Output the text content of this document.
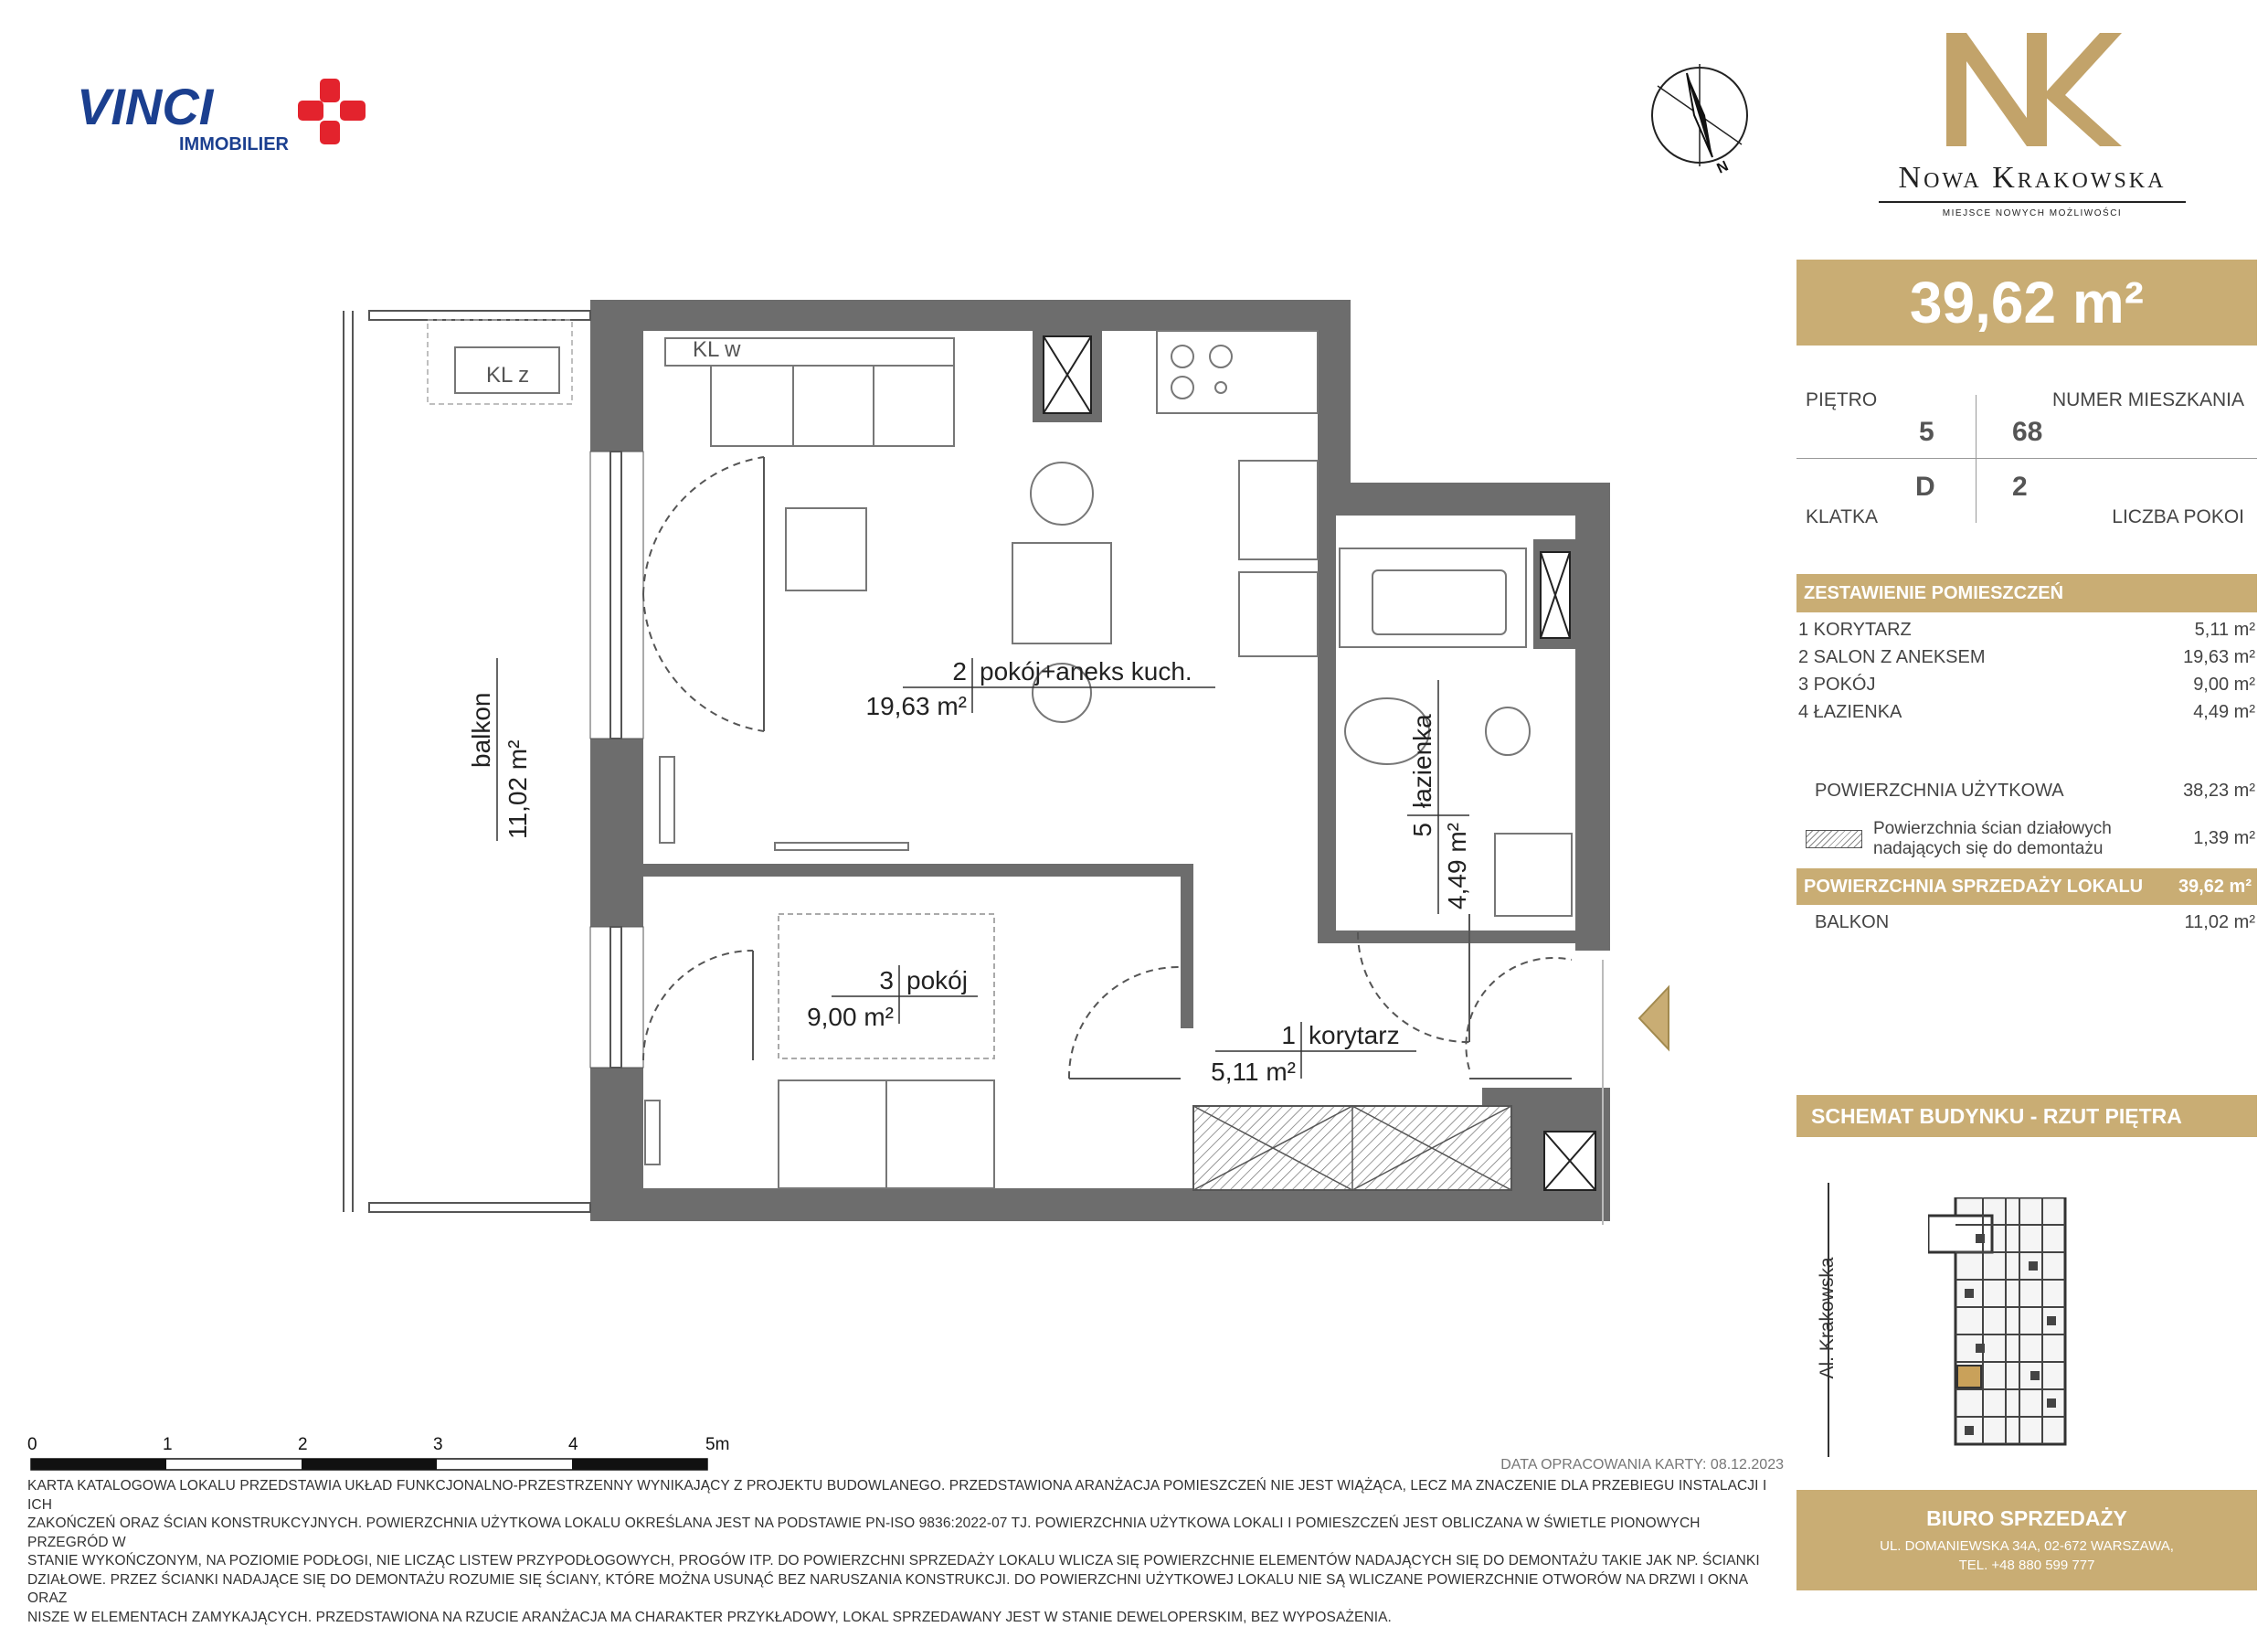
VINCI
IMMOBILIER
N
NK
Nowa Krakowska
MIEJSCE NOWYCH MOŻLIWOŚCI
39,62 m²
PIĘTRO
5
NUMER MIESZKANIA
68
D
KLATKA
2
LICZBA POKOI
ZESTAWIENIE POMIESZCZEŃ
1 KORYTARZ	5,11 m²
2 SALON Z ANEKSEM	19,63 m²
3 POKÓJ	9,00 m²
4 ŁAZIENKA	4,49 m²
POWIERZCHNIA UŻYTKOWA	38,23 m²
Powierzchnia ścian działowych
nadających się do demontażu
1,39 m²
POWIERZCHNIA SPRZEDAŻY LOKALU 39,62 m²
BALKON	11,02 m²
SCHEMAT BUDYNKU - RZUT PIĘTRA
Al. Krakowska
BIURO SPRZEDAŻY
UL. DOMANIEWSKA 34A, 02-672 WARSZAWA,
TEL. +48 880 599 777
2 pokój+aneks kuch.
19,63 m²
3 pokój
9,00 m²
1 korytarz
5,11 m²
5
łazienka
4,49 m²
balkon
11,02 m²
KL w
KL z
0	1	2	3	4	5m
DATA OPRACOWANIA KARTY: 08.12.2023
KARTA KATALOGOWA LOKALU PRZEDSTAWIA UKŁAD FUNKCJONALNO-PRZESTRZENNY WYNIKAJĄCY Z PROJEKTU BUDOWLANEGO. PRZEDSTAWIONA ARANŻACJA POMIESZCZEŃ NIE JEST WIĄŻĄCA, LECZ MA ZNACZENIE DLA PRZEBIEGU INSTALACJI I ICH
ZAKOŃCZEŃ ORAZ ŚCIAN KONSTRUKCYJNYCH. POWIERZCHNIA UŻYTKOWA LOKALU OKREŚLANA JEST NA PODSTAWIE PN-ISO 9836:2022-07 TJ. POWIERZCHNIA UŻYTKOWA LOKALI I POMIESZCZEŃ JEST OBLICZANA W ŚWIETLE PIONOWYCH PRZEGRÓD W
STANIE WYKOŃCZONYM, NA POZIOMIE PODŁOGI, NIE LICZĄC LISTEW PRZYPODŁOGOWYCH, PROGÓW ITP. DO POWIERZCHNI SPRZEDAŻY LOKALU WLICZA SIĘ POWIERZCHNIE ELEMENTÓW NADAJĄCYCH SIĘ DO DEMONTAŻU TAKIE JAK NP. ŚCIANKI
DZIAŁOWE. PRZEZ ŚCIANKI NADAJĄCE SIĘ DO DEMONTAŻU ROZUMIE SIĘ ŚCIANY, KTÓRE MOŻNA USUNĄĆ BEZ NARUSZANIA KONSTRUKCJI. DO POWIERZCHNI UŻYTKOWEJ LOKALU NIE SĄ WLICZANE POWIERZCHNIE OTWORÓW NA DRZWI I OKNA ORAZ
NISZE W ELEMENTACH ZAMYKAJĄCYCH. PRZEDSTAWIONA NA RZUCIE ARANŻACJA MA CHARAKTER PRZYKŁADOWY, LOKAL SPRZEDAWANY JEST W STANIE DEWELOPERSKIM, BEZ WYPOSAŻENIA.
